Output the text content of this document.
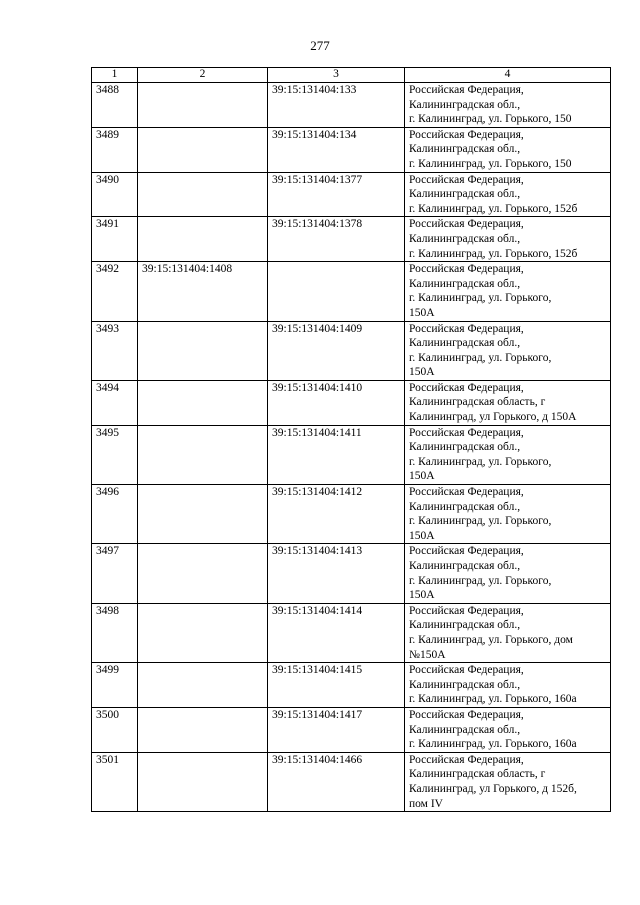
277
1	2	3	4
3488		39:15:131404:133	Российская Федерация,
Калининградская обл.,
г. Калининград, ул. Горького, 150

3489		39:15:131404:134	Российская Федерация,
Калининградская обл.,
г. Калининград, ул. Горького, 150

3490		39:15:131404:1377	Российская Федерация,
Калининградская обл.,
г. Калининград, ул. Горького, 152б

3491		39:15:131404:1378	Российская Федерация,
Калининградская обл.,
г. Калининград, ул. Горького, 152б

3492	39:15:131404:1408		Российская Федерация,
Калининградская обл.,
г. Калининград, ул. Горького,
150А

3493		39:15:131404:1409	Российская Федерация,
Калининградская обл.,
г. Калининград, ул. Горького,
150А

3494		39:15:131404:1410	Российская Федерация,
Калининградская область, г
Калининград, ул Горького, д 150А

3495		39:15:131404:1411	Российская Федерация,
Калининградская обл.,
г. Калининград, ул. Горького,
150А

3496		39:15:131404:1412	Российская Федерация,
Калининградская обл.,
г. Калининград, ул. Горького,
150А

3497		39:15:131404:1413	Российская Федерация,
Калининградская обл.,
г. Калининград, ул. Горького,
150А

3498		39:15:131404:1414	Российская Федерация,
Калининградская обл.,
г. Калининград, ул. Горького, дом
№150А

3499		39:15:131404:1415	Российская Федерация,
Калининградская обл.,
г. Калининград, ул. Горького, 160а

3500		39:15:131404:1417	Российская Федерация,
Калининградская обл.,
г. Калининград, ул. Горького, 160а

3501		39:15:131404:1466	Российская Федерация,
Калининградская область, г
Калининград, ул Горького, д 152б,
пом IV
